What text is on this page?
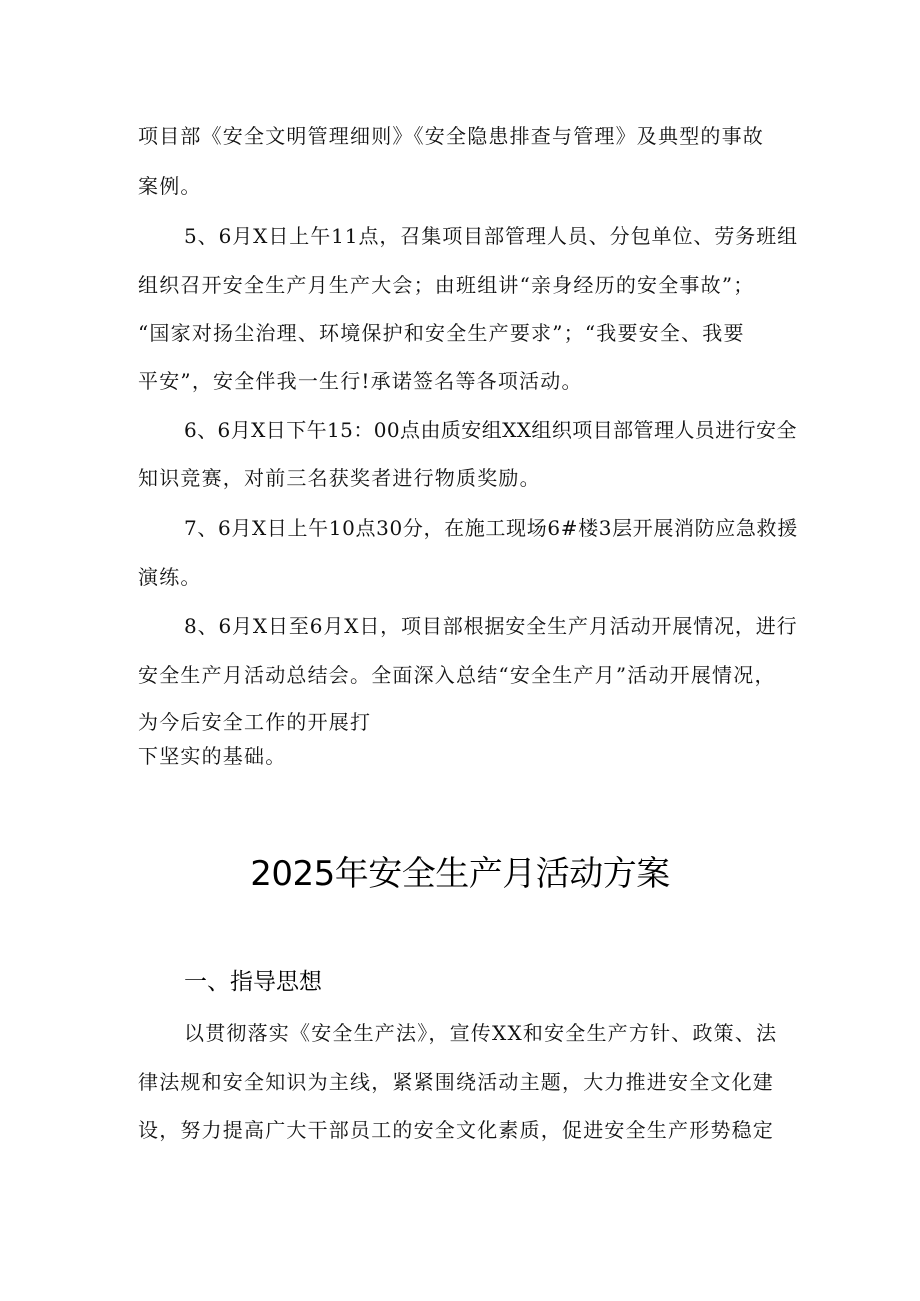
项目部《安全文明管理细则》《安全隐患排查与管理》及典型的事故
案例。
5、6月X日上午11点，召集项目部管理人员、分包单位、劳务班组
组织召开安全生产月生产大会；由班组讲“亲身经历的安全事故”；
“国家对扬尘治理、环境保护和安全生产要求”；“我要安全、我要
平安”，安全伴我一生行!承诺签名等各项活动。
6、6月X日下午15：00点由质安组XX组织项目部管理人员进行安全
知识竞赛，对前三名获奖者进行物质奖励。
7、6月X日上午10点30分，在施工现场6#楼3层开展消防应急救援
演练。
8、6月X日至6月X日，项目部根据安全生产月活动开展情况，进行
安全生产月活动总结会。全面深入总结“安全生产月”活动开展情况，
为今后安全工作的开展打
下坚实的基础。
2025年安全生产月活动方案
一、指导思想
以贯彻落实《安全生产法》，宣传XX和安全生产方针、政策、法
律法规和安全知识为主线，紧紧围绕活动主题，大力推进安全文化建
设，努力提高广大干部员工的安全文化素质，促进安全生产形势稳定
